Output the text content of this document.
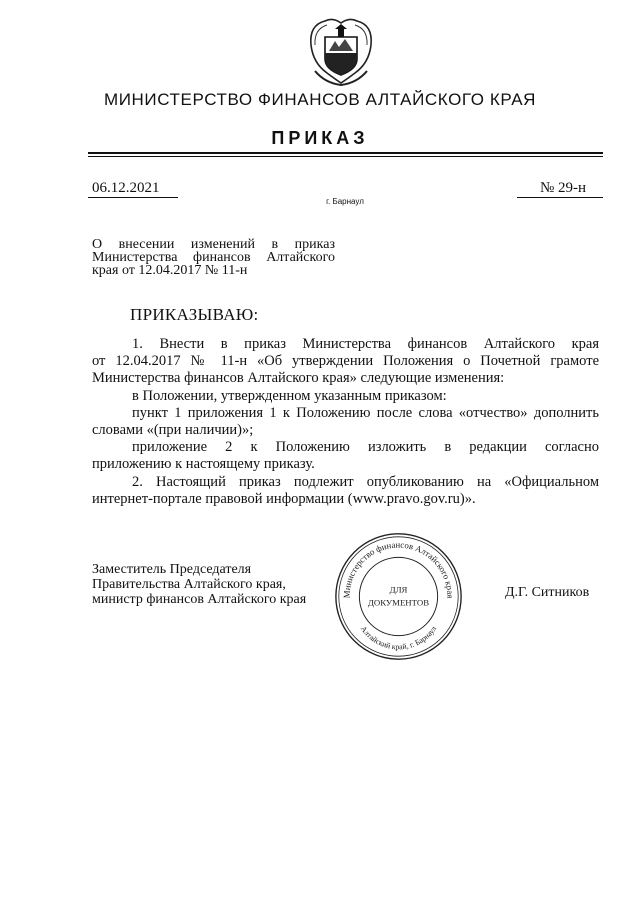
МИНИСТЕРСТВО ФИНАНСОВ АЛТАЙСКОГО КРАЯ
ПРИКАЗ
06.12.2021	№ 29-н
г. Барнаул
О внесении изменений в приказ
Министерства финансов Алтайского
края от 12.04.2017 № 11-н
ПРИКАЗЫВАЮ:

1. Внести в приказ Министерства финансов Алтайского края

от 12.04.2017 № 11-н «Об утверждении Положения о Почетной грамоте

Министерства финансов Алтайского края» следующие изменения:

в Положении, утвержденном указанным приказом:

пункт 1 приложения 1 к Положению после слова «отчество» дополнить

словами «(при наличии)»;

приложение 2 к Положению изложить в редакции согласно

приложению к настоящему приказу.

2. Настоящий приказ подлежит опубликованию на «Официальном

интернет-портале правовой информации (www.pravo.gov.ru)».

Заместитель Председателя
Правительства Алтайского края,
министр финансов Алтайского края	Д.Г. Ситников
Министерство финансов Алтайского края
Алтайский край, г. Барнаул
ДЛЯ
ДОКУМЕНТОВ
